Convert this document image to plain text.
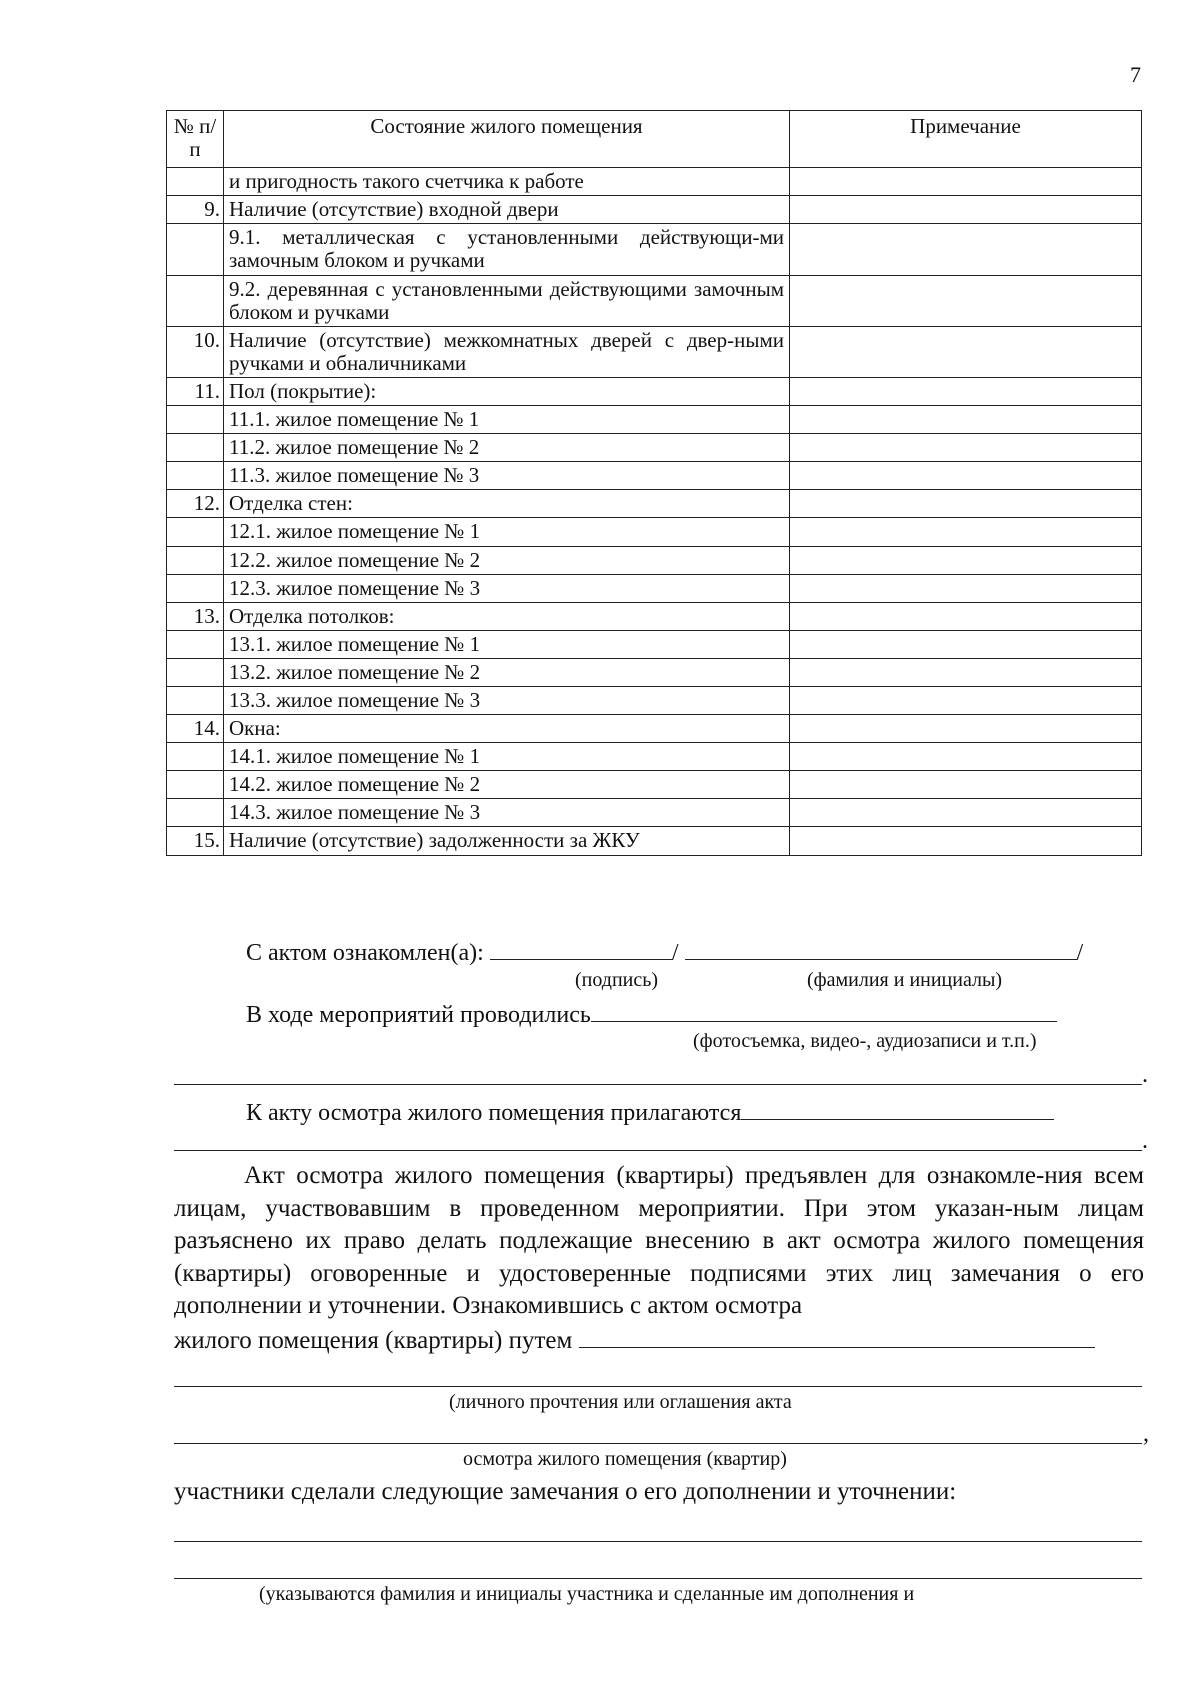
7
№ п/п	Состояние жилого помещения	Примечание
	и пригодность такого счетчика к работе	
9.	Наличие (отсутствие) входной двери	
	9.1. металлическая с установленными действующи-ми замочным блоком и ручками	
	9.2. деревянная с установленными действующими замочным блоком и ручками	
10.	Наличие (отсутствие) межкомнатных дверей с двер-ными ручками и обналичниками	
11.	Пол (покрытие):	
	11.1. жилое помещение № 1	
	11.2. жилое помещение № 2	
	11.3. жилое помещение № 3	
12.	Отделка стен:	
	12.1. жилое помещение № 1	
	12.2. жилое помещение № 2	
	12.3. жилое помещение № 3	
13.	Отделка потолков:	
	13.1. жилое помещение № 1	
	13.2. жилое помещение № 2	
	13.3. жилое помещение № 3	
14.	Окна:	
	14.1. жилое помещение № 1	
	14.2. жилое помещение № 2	
	14.3. жилое помещение № 3	
15.	Наличие (отсутствие) задолженности за ЖКУ	
С актом ознакомлен(а):	/	/
(подпись)	(фамилия и инициалы)
В ходе мероприятий проводились
(фотосъемка, видео-, аудиозаписи и т.п.)
.
К акту осмотра жилого помещения прилагаются
.

Акт осмотра жилого помещения (квартиры) предъявлен для ознакомле-ния всем лицам, участвовавшим в проведенном мероприятии. При этом указан-ным лицам разъяснено их право делать подлежащие внесению в акт осмотра жилого помещения (квартиры) оговоренные и удостоверенные подписями этих лиц замечания о его дополнении и уточнении. Ознакомившись с актом осмотра

жилого помещения (квартиры) путем
(личного прочтения или оглашения акта
,
осмотра жилого помещения (квартир)
участники сделали следующие замечания о его дополнении и уточнении:
(указываются фамилия и инициалы участника и сделанные им дополнения и
